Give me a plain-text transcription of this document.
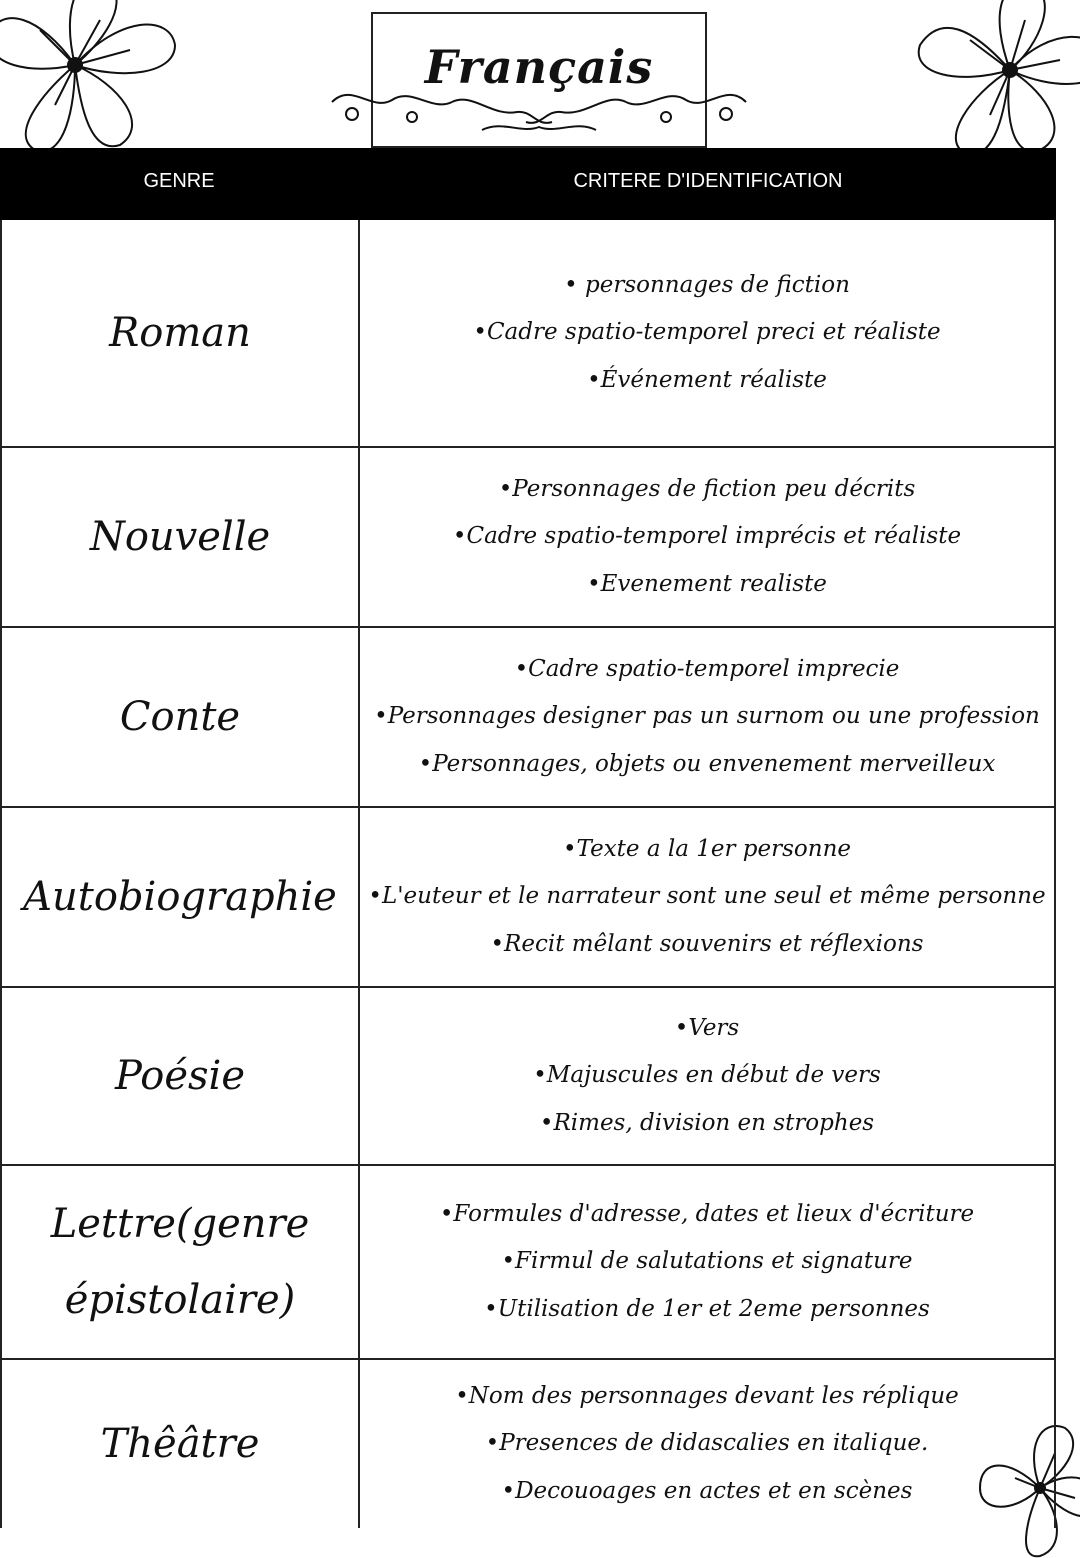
Français
GENRE	CRITERE D'IDENTIFICATION
Roman
• personnages de fiction
•Cadre spatio-temporel preci et réaliste
•Événement réaliste
Nouvelle
•Personnages de fiction peu décrits
•Cadre spatio-temporel imprécis et réaliste
•Evenement realiste
Conte
•Cadre spatio-temporel imprecie
•Personnages designer pas un surnom ou une profession
•Personnages, objets ou envenement merveilleux
Autobiographie
•Texte a la 1er personne
•L'euteur et le narrateur sont une seul et même personne
•Recit mêlant souvenirs et réflexions
Poésie
•Vers
•Majuscules en début de vers
•Rimes, division en strophes
Lettre(genre épistolaire)
•Formules d'adresse, dates et lieux d'écriture
•Firmul de salutations et signature
•Utilisation de 1er et 2eme personnes
Thêâtre
•Nom des personnages devant les réplique
•Presences de didascalies en italique.
•Decouoages en actes et en scènes
